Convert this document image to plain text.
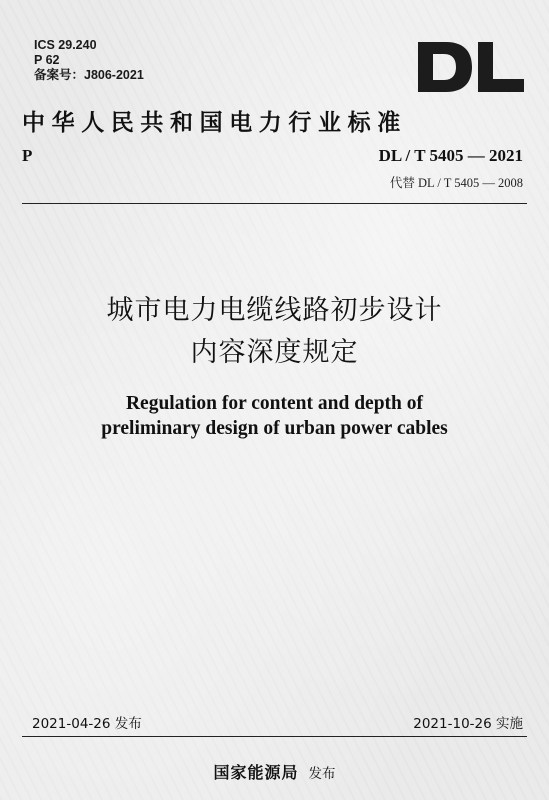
ICS 29.240
P 62
备案号：J806-2021
中华人民共和国电力行业标准
P	DL / T 5405 — 2021
代替 DL / T 5405 — 2008
城市电力电缆线路初步设计
内容深度规定
Regulation for content and depth of
preliminary design of urban power cables
2021-04-26 发布	2021-10-26 实施
国家能源局 发布
